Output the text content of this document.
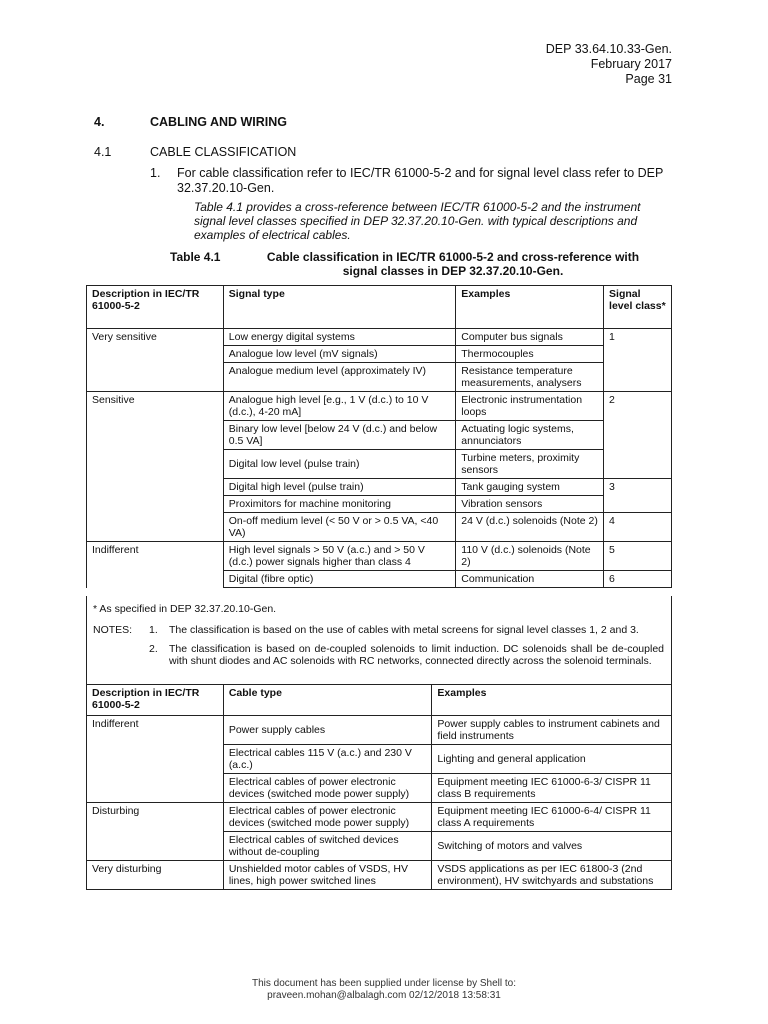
DEP 33.64.10.33-Gen.
February 2017
Page 31
4.	CABLING AND WIRING
4.1	CABLE CLASSIFICATION
1. For cable classification refer to IEC/TR 61000-5-2 and for signal level class refer to DEP 32.37.20.10-Gen.
Table 4.1 provides a cross-reference between IEC/TR 61000-5-2 and the instrument signal level classes specified in DEP 32.37.20.10-Gen. with typical descriptions and examples of electrical cables.
Table 4.1	Cable classification in IEC/TR 61000-5-2 and cross-reference with signal classes in DEP 32.37.20.10-Gen.
Description in IEC/TR 61000-5-2	Signal type	Examples	Signal level class*
Very sensitive	Low energy digital systems	Computer bus signals	1
	Analogue low level (mV signals)	Thermocouples	
	Analogue medium level (approximately IV)	Resistance temperature measurements, analysers	
Sensitive	Analogue high level [e.g., 1 V (d.c.) to 10 V (d.c.), 4-20 mA]	Electronic instrumentation loops	2
	Binary low level [below 24 V (d.c.) and below 0.5 VA]	Actuating logic systems, annunciators	
	Digital low level (pulse train)	Turbine meters, proximity sensors	
	Digital high level (pulse train)	Tank gauging system	3
	Proximitors for machine monitoring	Vibration sensors	
	On-off medium level (< 50 V or > 0.5 VA, <40 VA)	24 V (d.c.) solenoids (Note 2)	4
Indifferent	High level signals > 50 V (a.c.) and > 50 V (d.c.) power signals higher than class 4	110 V (d.c.) solenoids (Note 2)	5
	Digital (fibre optic)	Communication	6
* As specified in DEP 32.37.20.10-Gen.
NOTES: 1. The classification is based on the use of cables with metal screens for signal level classes 1, 2 and 3.
2. The classification is based on de-coupled solenoids to limit induction. DC solenoids shall be de-coupled with shunt diodes and AC solenoids with RC networks, connected directly across the solenoid terminals.
Description in IEC/TR 61000-5-2	Cable type	Examples
Indifferent	Power supply cables	Power supply cables to instrument cabinets and field instruments
	Electrical cables 115 V (a.c.) and 230 V (a.c.)	Lighting and general application
	Electrical cables of power electronic devices (switched mode power supply)	Equipment meeting IEC 61000-6-3/ CISPR 11 class B requirements
Disturbing	Electrical cables of power electronic devices (switched mode power supply)	Equipment meeting IEC 61000-6-4/ CISPR 11 class A requirements
	Electrical cables of switched devices without de-coupling	Switching of motors and valves
Very disturbing	Unshielded motor cables of VSDS, HV lines, high power switched lines	VSDS applications as per IEC 61800-3 (2nd environment), HV switchyards and substations
This document has been supplied under license by Shell to:
praveen.mohan@albalagh.com 02/12/2018 13:58:31
